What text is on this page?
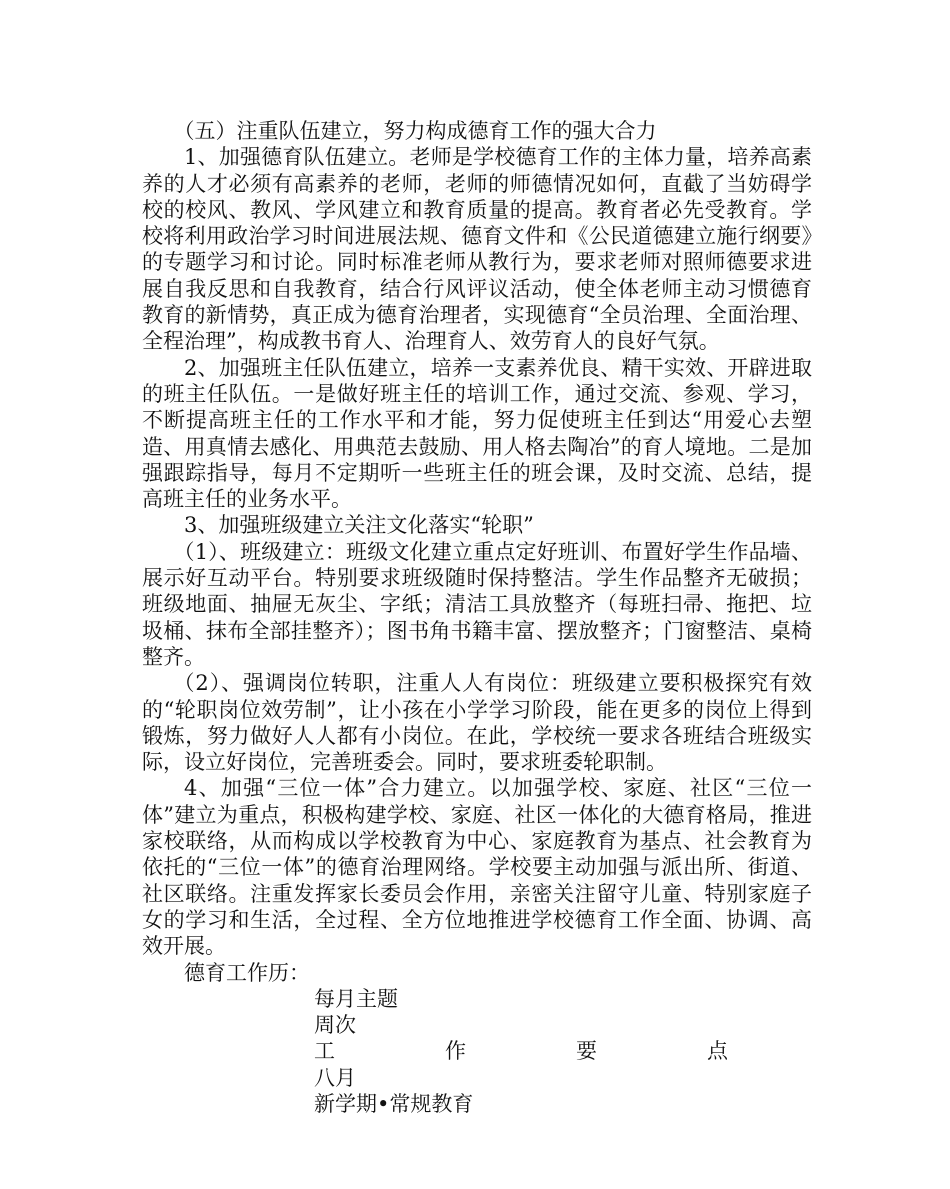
（五）注重队伍建立，努力构成德育工作的强大合力

1、加强德育队伍建立。老师是学校德育工作的主体力量，培养高素养的人才必须有高素养的老师，老师的师德情况如何，直截了当妨碍学校的校风、教风、学风建立和教育质量的提高。教育者必先受教育。学校将利用政治学习时间进展法规、德育文件和《公民道德建立施行纲要》的专题学习和讨论。同时标准老师从教行为，要求老师对照师德要求进展自我反思和自我教育，结合行风评议活动，使全体老师主动习惯德育教育的新情势，真正成为德育治理者，实现德育“全员治理、全面治理、全程治理”，构成教书育人、治理育人、效劳育人的良好气氛。

2、加强班主任队伍建立，培养一支素养优良、精干实效、开辟进取的班主任队伍。一是做好班主任的培训工作，通过交流、参观、学习，不断提高班主任的工作水平和才能，努力促使班主任到达“用爱心去塑造、用真情去感化、用典范去鼓励、用人格去陶冶”的育人境地。二是加强跟踪指导，每月不定期听一些班主任的班会课，及时交流、总结，提高班主任的业务水平。

3、加强班级建立关注文化落实“轮职”

（1）、班级建立：班级文化建立重点定好班训、布置好学生作品墙、展示好互动平台。特别要求班级随时保持整洁。学生作品整齐无破损；班级地面、抽屉无灰尘、字纸；清洁工具放整齐（每班扫帚、拖把、垃圾桶、抹布全部挂整齐）；图书角书籍丰富、摆放整齐；门窗整洁、桌椅整齐。

（2）、强调岗位转职，注重人人有岗位：班级建立要积极探究有效的“轮职岗位效劳制”，让小孩在小学学习阶段，能在更多的岗位上得到锻炼，努力做好人人都有小岗位。在此，学校统一要求各班结合班级实际，设立好岗位，完善班委会。同时，要求班委轮职制。

4、加强“三位一体”合力建立。以加强学校、家庭、社区“三位一体”建立为重点，积极构建学校、家庭、社区一体化的大德育格局，推进家校联络，从而构成以学校教育为中心、家庭教育为基点、社会教育为依托的“三位一体”的德育治理网络。学校要主动加强与派出所、街道、社区联络。注重发挥家长委员会作用，亲密关注留守儿童、特别家庭子女的学习和生活，全过程、全方位地推进学校德育工作全面、协调、高效开展。

德育工作历：

每月主题

周次

工	作	要	点

八月

新学期•常规教育
